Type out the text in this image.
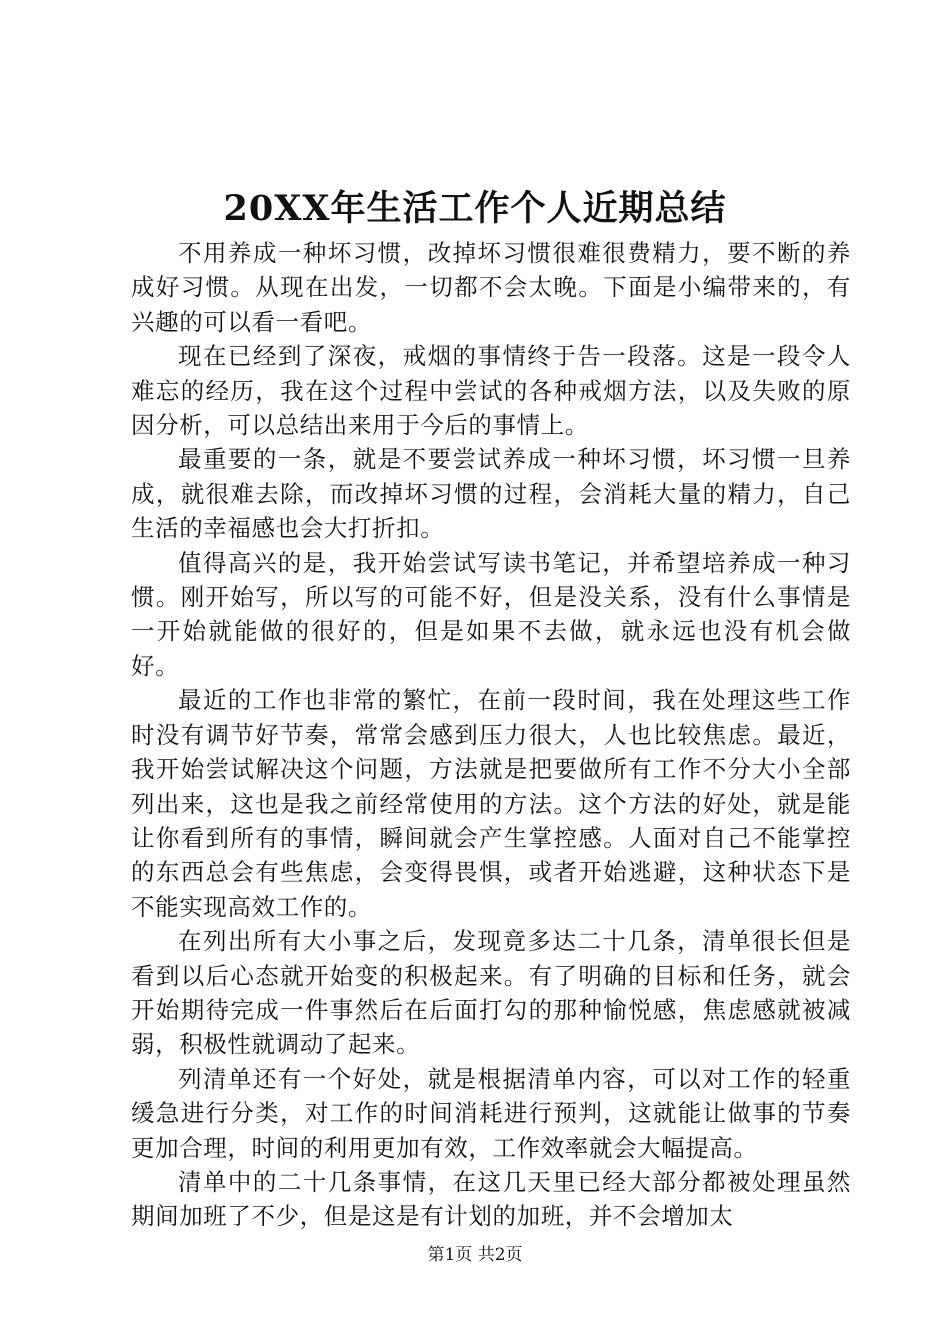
20XX年生活工作个人近期总结

不用养成一种坏习惯，改掉坏习惯很难很费精力，要不断的养成好习惯。从现在出发，一切都不会太晚。下面是小编带来的，有兴趣的可以看一看吧。

现在已经到了深夜，戒烟的事情终于告一段落。这是一段令人难忘的经历，我在这个过程中尝试的各种戒烟方法，以及失败的原因分析，可以总结出来用于今后的事情上。

最重要的一条，就是不要尝试养成一种坏习惯，坏习惯一旦养成，就很难去除，而改掉坏习惯的过程，会消耗大量的精力，自己生活的幸福感也会大打折扣。

值得高兴的是，我开始尝试写读书笔记，并希望培养成一种习惯。刚开始写，所以写的可能不好，但是没关系，没有什么事情是一开始就能做的很好的，但是如果不去做，就永远也没有机会做好。

最近的工作也非常的繁忙，在前一段时间，我在处理这些工作时没有调节好节奏，常常会感到压力很大，人也比较焦虑。最近，我开始尝试解决这个问题，方法就是把要做所有工作不分大小全部列出来，这也是我之前经常使用的方法。这个方法的好处，就是能让你看到所有的事情，瞬间就会产生掌控感。人面对自己不能掌控的东西总会有些焦虑，会变得畏惧，或者开始逃避，这种状态下是不能实现高效工作的。

在列出所有大小事之后，发现竟多达二十几条，清单很长但是看到以后心态就开始变的积极起来。有了明确的目标和任务，就会开始期待完成一件事然后在后面打勾的那种愉悦感，焦虑感就被减弱，积极性就调动了起来。

列清单还有一个好处，就是根据清单内容，可以对工作的轻重缓急进行分类，对工作的时间消耗进行预判，这就能让做事的节奏更加合理，时间的利用更加有效，工作效率就会大幅提高。

清单中的二十几条事情，在这几天里已经大部分都被处理虽然期间加班了不少，但是这是有计划的加班，并不会增加太

第1页 共2页
